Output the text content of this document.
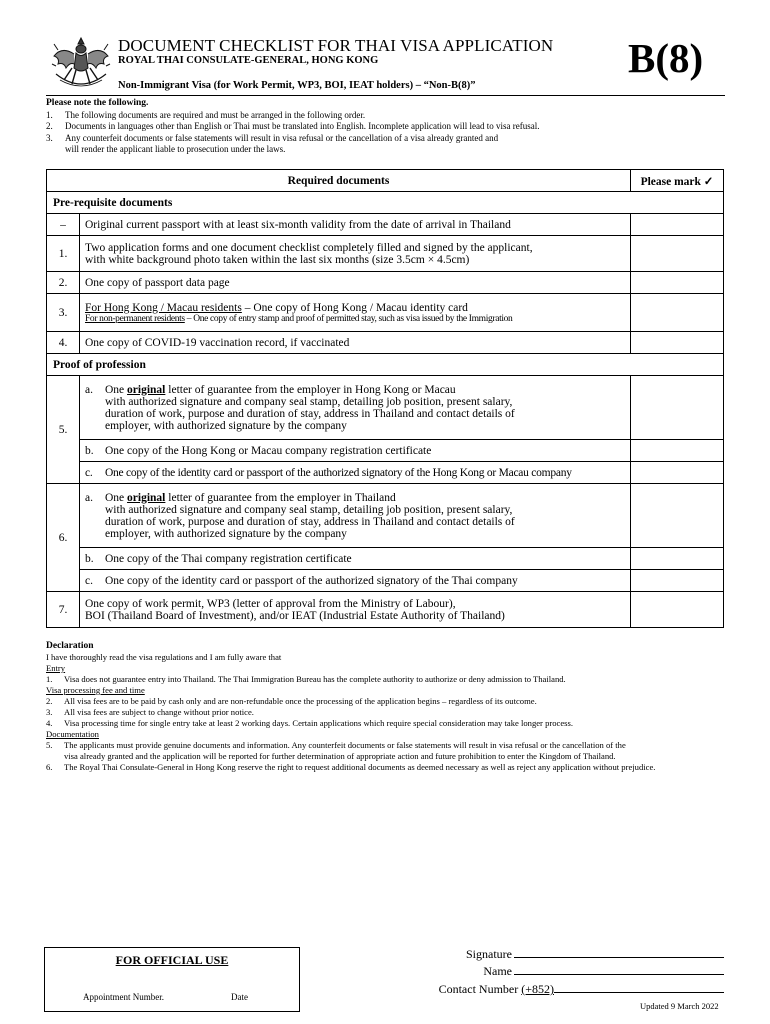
DOCUMENT CHECKLIST FOR THAI VISA APPLICATION
ROYAL THAI CONSULATE-GENERAL, HONG KONG
Non-Immigrant Visa (for Work Permit, WP3, BOI, IEAT holders) – “Non-B(8)”
B(8)
Please note the following.
1.	The following documents are required and must be arranged in the following order.
2.	Documents in languages other than English or Thai must be translated into English. Incomplete application will lead to visa refusal.
3.	Any counterfeit documents or false statements will result in visa refusal or the cancellation of a visa already granted and
will render the applicant liable to prosecution under the laws.
Required documents		Please mark ✓
Pre-requisite documents		
–	Original current passport with at least six-month validity from the date of arrival in Thailand	
1.	Two application forms and one document checklist completely filled and signed by the applicant,
with white background photo taken within the last six months (size 3.5cm × 4.5cm)	

2.	One copy of passport data page	
3.	For Hong Kong / Macau residents – One copy of Hong Kong / Macau identity card
For non-permanent residents – One copy of entry stamp and proof of permitted stay, such as visa issued by the Immigration	

4.	One copy of COVID-19 vaccination record, if vaccinated	
Proof of profession		
5.	a. One original letter of guarantee from the employer in Hong Kong or Macau
with authorized signature and company seal stamp, detailing job position, present salary,
duration of work, purpose and duration of stay, address in Thailand and contact details of
employer, with authorized signature by the company	

	b. One copy of the Hong Kong or Macau company registration certificate	

	c. One copy of the identity card or passport of the authorized signatory of the Hong Kong or Macau company	

6.	a. One original letter of guarantee from the employer in Thailand
with authorized signature and company seal stamp, detailing job position, present salary,
duration of work, purpose and duration of stay, address in Thailand and contact details of
employer, with authorized signature by the company	

	b. One copy of the Thai company registration certificate	

	c. One copy of the identity card or passport of the authorized signatory of the Thai company	

7.	One copy of work permit, WP3 (letter of approval from the Ministry of Labour),
BOI (Thailand Board of Investment), and/or IEAT (Industrial Estate Authority of Thailand)	

Declaration
I have thoroughly read the visa regulations and I am fully aware that
Entry
1.	Visa does not guarantee entry into Thailand. The Thai Immigration Bureau has the complete authority to authorize or deny admission to Thailand.
Visa processing fee and time
2.	All visa fees are to be paid by cash only and are non-refundable once the processing of the application begins – regardless of its outcome.
3.	All visa fees are subject to change without prior notice.
4.	Visa processing time for single entry take at least 2 working days. Certain applications which require special consideration may take longer process.
Documentation
5.	The applicants must provide genuine documents and information. Any counterfeit documents or false statements will result in visa refusal or the cancellation of the
visa already granted and the application will be reported for further determination of appropriate action and future prohibition to enter the Kingdom of Thailand.
6.	The Royal Thai Consulate-General in Hong Kong reserve the right to request additional documents as deemed necessary as well as reject any application without prejudice.
FOR OFFICIAL USE
Appointment Number.	Date
Signature
Name
Contact Number (+852)
Updated 9 March 2022
